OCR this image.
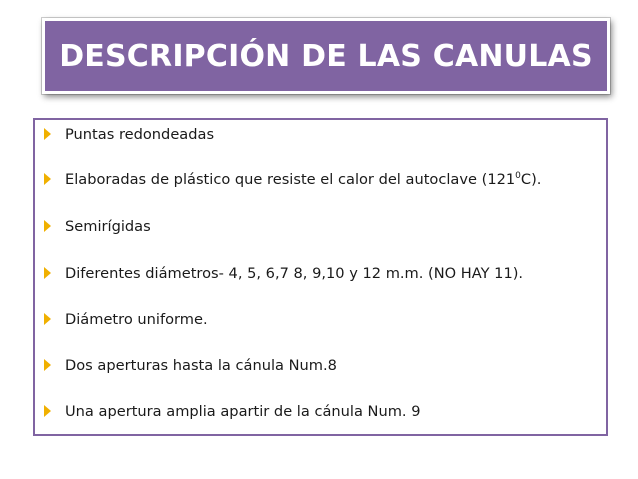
DESCRIPCIÓN DE LAS CANULAS
Puntas redondeadas
Elaboradas de plástico que resiste el calor del autoclave $(121^0C)$.
Semirígidas
Diferentes diámetros- 4, 5, 6,7 8, 9,10 y 12 m.m. (NO HAY 11).
Diámetro uniforme.
Dos aperturas hasta la cánula Num.8
Una apertura amplia apartir de la cánula Num. 9
